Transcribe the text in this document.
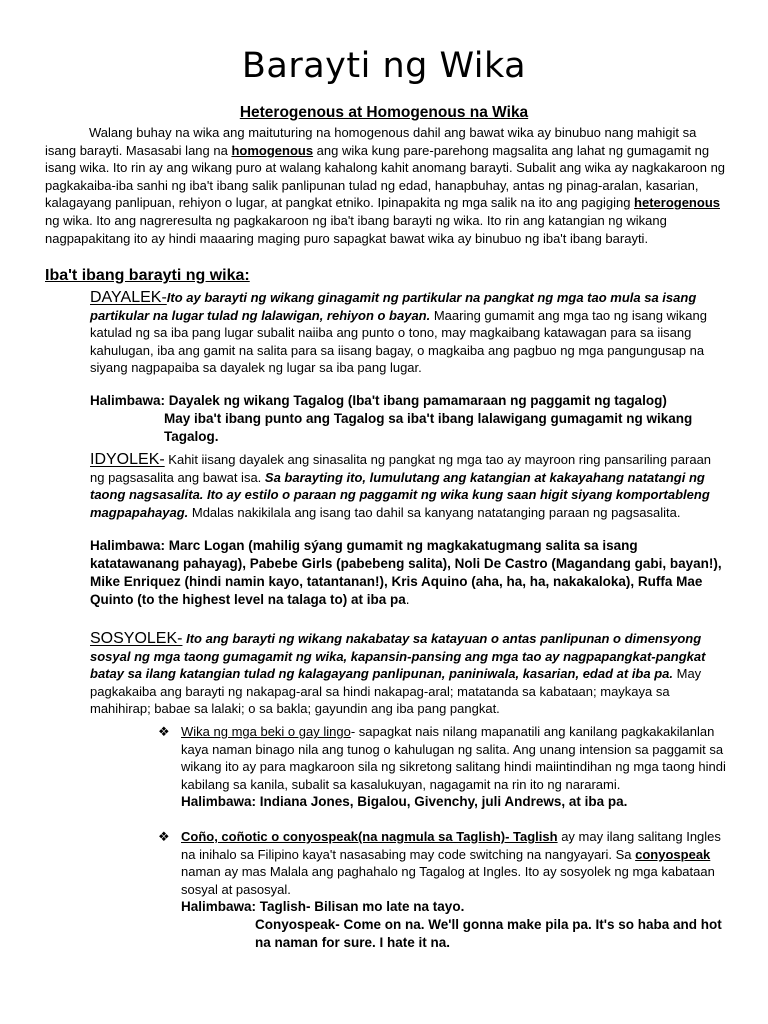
Barayti ng Wika
Heterogenous at Homogenous na Wika
Walang buhay na wika ang maituturing na homogenous dahil ang bawat wika ay binubuo nang mahigit sa isang barayti. Masasabi lang na homogenous ang wika kung pare-parehong magsalita ang lahat ng gumagamit ng isang wika. Ito rin ay ang wikang puro at walang kahalong kahit anomang barayti. Subalit ang wika ay nagkakaroon ng pagkakaiba-iba sanhi ng iba't ibang salik panlipunan tulad ng edad, hanapbuhay, antas ng pinag-aralan, kasarian, kalagayang panlipuan, rehiyon o lugar, at pangkat etniko. Ipinapakita ng mga salik na ito ang pagiging heterogenous ng wika. Ito ang nagreresulta ng pagkakaroon ng iba't ibang barayti ng wika. Ito rin ang katangian ng wikang nagpapakitang ito ay hindi maaaring maging puro sapagkat bawat wika ay binubuo ng iba't ibang barayti.
Iba't ibang barayti ng wika:
DAYALEK-Ito ay barayti ng wikang ginagamit ng partikular na pangkat ng mga tao mula sa isang partikular na lugar tulad ng lalawigan, rehiyon o bayan. Maaring gumamit ang mga tao ng isang wikang katulad ng sa iba pang lugar subalit naiiba ang punto o tono, may magkaibang katawagan para sa iisang kahulugan, iba ang gamit na salita para sa iisang bagay, o magkaiba ang pagbuo ng mga pangungusap na siyang nagpapaiba sa dayalek ng lugar sa iba pang lugar.
Halimbawa: Dayalek ng wikang Tagalog (Iba't ibang pamamaraan ng paggamit ng tagalog)
May iba't ibang punto ang Tagalog sa iba't ibang lalawigang gumagamit ng wikang Tagalog.
IDYOLEK- Kahit iisang dayalek ang sinasalita ng pangkat ng mga tao ay mayroon ring pansariling paraan ng pagsasalita ang bawat isa. Sa barayting ito, lumulutang ang katangian at kakayahang natatangi ng taong nagsasalita. Ito ay estilo o paraan ng paggamit ng wika kung saan higit siyang komportableng magpapahayag. Mdalas nakikilala ang isang tao dahil sa kanyang natatanging paraan ng pagsasalita.
Halimbawa: Marc Logan (mahilig sýang gumamit ng magkakatugmang salita sa isang katatawanang pahayag), Pabebe Girls (pabebeng salita), Noli De Castro (Magandang gabi, bayan!), Mike Enriquez (hindi namin kayo, tatantanan!), Kris Aquino (aha, ha, ha, nakakaloka), Ruffa Mae Quinto (to the highest level na talaga to) at iba pa.
SOSYOLEK- Ito ang barayti ng wikang nakabatay sa katayuan o antas panlipunan o dimensyong sosyal ng mga taong gumagamit ng wika, kapansin-pansing ang mga tao ay nagpapangkat-pangkat batay sa ilang katangian tulad ng kalagayang panlipunan, paniniwala, kasarian, edad at iba pa. May pagkakaiba ang barayti ng nakapag-aral sa hindi nakapag-aral; matatanda sa kabataan; maykaya sa mahihirap; babae sa lalaki; o sa bakla; gayundin ang iba pang pangkat.
❖ Wika ng mga beki o gay lingo- sapagkat nais nilang mapanatili ang kanilang pagkakakilanlan kaya naman binago nila ang tunog o kahulugan ng salita. Ang unang intension sa paggamit sa wikang ito ay para magkaroon sila ng sikretong salitang hindi maiintindihan ng mga taong hindi kabilang sa kanila, subalit sa kasalukuyan, nagagamit na rin ito ng nararami.
Halimbawa: Indiana Jones, Bigalou, Givenchy, juli Andrews, at iba pa.
❖ Coño, coñotic o conyospeak(na nagmula sa Taglish)- Taglish ay may ilang salitang Ingles na inihalo sa Filipino kaya't nasasabing may code switching na nangyayari. Sa conyospeak naman ay mas Malala ang paghahalo ng Tagalog at Ingles. Ito ay sosyolek ng mga kabataan sosyal at pasosyal.
Halimbawa: Taglish- Bilisan mo late na tayo.
Conyospeak- Come on na. We'll gonna make pila pa. It's so haba and hot na naman for sure. I hate it na.
